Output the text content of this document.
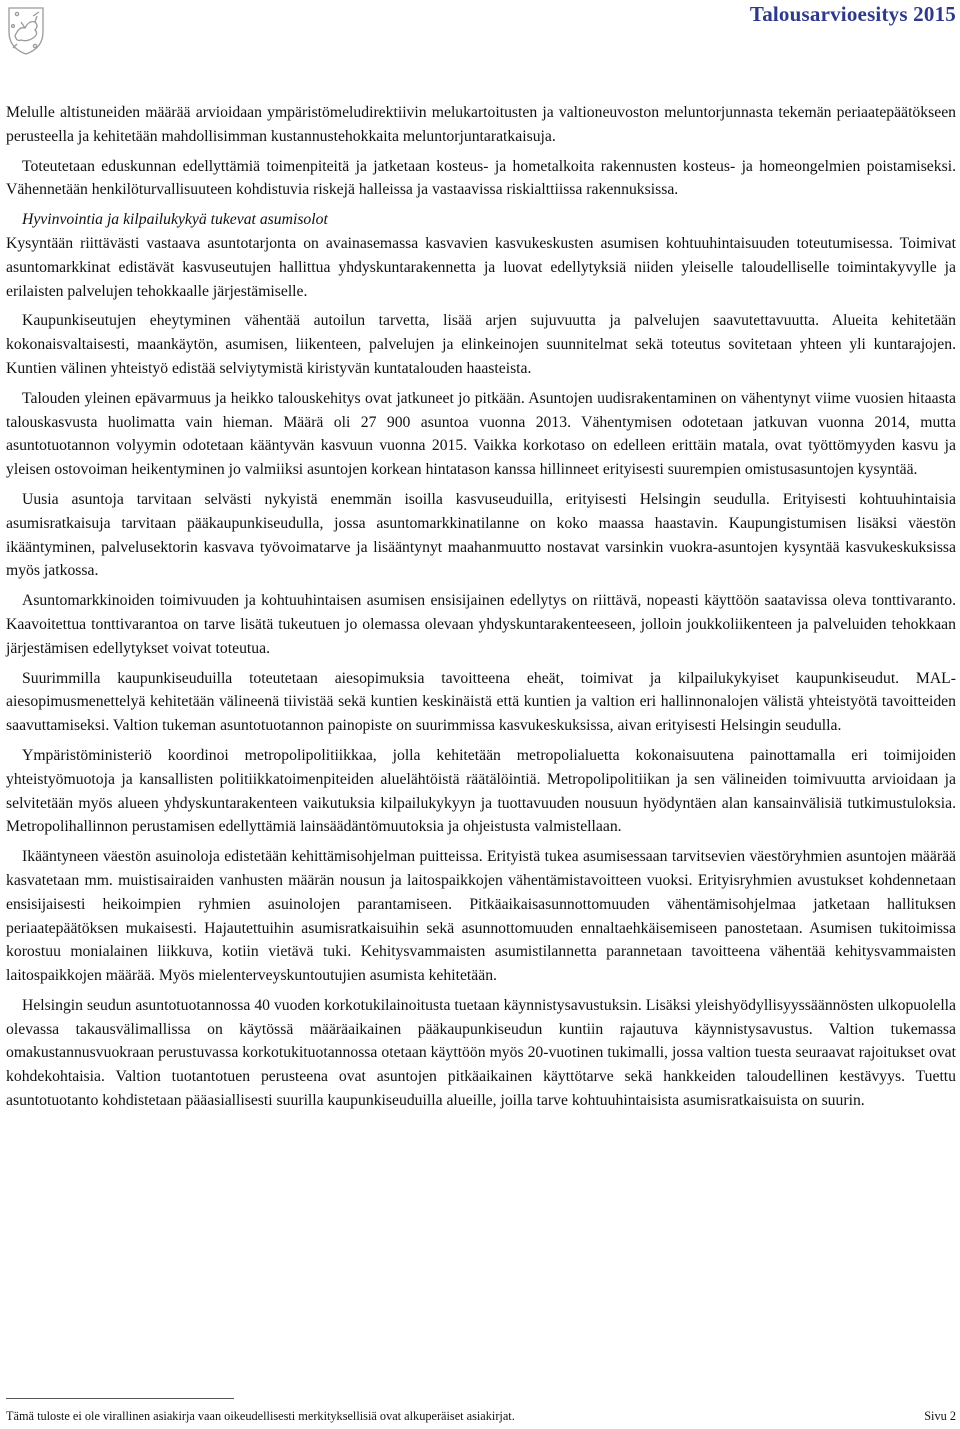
Talousarvioesitys 2015

Melulle altistuneiden määrää arvioidaan ympäristömeludirektiivin melukartoitusten ja valtioneuvoston meluntorjunnasta tekemän periaatepäätökseen perusteella ja kehitetään mahdollisimman kustannustehokkaita meluntorjuntaratkaisuja.

Toteutetaan eduskunnan edellyttämiä toimenpiteitä ja jatketaan kosteus- ja hometalkoita rakennusten kosteus- ja homeongelmien poistamiseksi. Vähennetään henkilöturvallisuuteen kohdistuvia riskejä halleissa ja vastaavissa riskialttiissa rakennuksissa.

Hyvinvointia ja kilpailukykyä tukevat asumisolot

Kysyntään riittävästi vastaava asuntotarjonta on avainasemassa kasvavien kasvukeskusten asumisen kohtuuhintaisuuden toteutumisessa. Toimivat asuntomarkkinat edistävät kasvuseutujen hallittua yhdyskuntarakennetta ja luovat edellytyksiä niiden yleiselle taloudelliselle toimintakyvylle ja erilaisten palvelujen tehokkaalle järjestämiselle.

Kaupunkiseutujen eheytyminen vähentää autoilun tarvetta, lisää arjen sujuvuutta ja palvelujen saavutettavuutta. Alueita kehitetään kokonaisvaltaisesti, maankäytön, asumisen, liikenteen, palvelujen ja elinkeinojen suunnitelmat sekä toteutus sovitetaan yhteen yli kuntarajojen. Kuntien välinen yhteistyö edistää selviytymistä kiristyvän kuntatalouden haasteista.

Talouden yleinen epävarmuus ja heikko talouskehitys ovat jatkuneet jo pitkään. Asuntojen uudisrakentaminen on vähentynyt viime vuosien hitaasta talouskasvusta huolimatta vain hieman. Määrä oli 27 900 asuntoa vuonna 2013. Vähentymisen odotetaan jatkuvan vuonna 2014, mutta asuntotuotannon volyymin odotetaan kääntyvän kasvuun vuonna 2015. Vaikka korkotaso on edelleen erittäin matala, ovat työttömyyden kasvu ja yleisen ostovoiman heikentyminen jo valmiiksi asuntojen korkean hintatason kanssa hillinneet erityisesti suurempien omistusasuntojen kysyntää.

Uusia asuntoja tarvitaan selvästi nykyistä enemmän isoilla kasvuseuduilla, erityisesti Helsingin seudulla. Erityisesti kohtuuhintaisia asumisratkaisuja tarvitaan pääkaupunkiseudulla, jossa asuntomarkkinatilanne on koko maassa haastavin. Kaupungistumisen lisäksi väestön ikääntyminen, palvelusektorin kasvava työvoimatarve ja lisääntynyt maahanmuutto nostavat varsinkin vuokra-asuntojen kysyntää kasvukeskuksissa myös jatkossa.

Asuntomarkkinoiden toimivuuden ja kohtuuhintaisen asumisen ensisijainen edellytys on riittävä, nopeasti käyttöön saatavissa oleva tonttivaranto. Kaavoitettua tonttivarantoa on tarve lisätä tukeutuen jo olemassa olevaan yhdyskuntarakenteeseen, jolloin joukkoliikenteen ja palveluiden tehokkaan järjestämisen edellytykset voivat toteutua.

Suurimmilla kaupunkiseuduilla toteutetaan aiesopimuksia tavoitteena eheät, toimivat ja kilpailukykyiset kaupunkiseudut. MAL-aiesopimusmenettelyä kehitetään välineenä tiivistää sekä kuntien keskinäistä että kuntien ja valtion eri hallinnonalojen välistä yhteistyötä tavoitteiden saavuttamiseksi. Valtion tukeman asuntotuotannon painopiste on suurimmissa kasvukeskuksissa, aivan erityisesti Helsingin seudulla.

Ympäristöministeriö koordinoi metropolipolitiikkaa, jolla kehitetään metropolialuetta kokonaisuutena painottamalla eri toimijoiden yhteistyömuotoja ja kansallisten politiikkatoimenpiteiden aluelähtöistä räätälöintiä. Metropolipolitiikan ja sen välineiden toimivuutta arvioidaan ja selvitetään myös alueen yhdyskuntarakenteen vaikutuksia kilpailukykyyn ja tuottavuuden nousuun hyödyntäen alan kansainvälisiä tutkimustuloksia. Metropolihallinnon perustamisen edellyttämiä lainsäädäntömuutoksia ja ohjeistusta valmistellaan.

Ikääntyneen väestön asuinoloja edistetään kehittämisohjelman puitteissa. Erityistä tukea asumisessaan tarvitsevien väestöryhmien asuntojen määrää kasvatetaan mm. muistisairaiden vanhusten määrän nousun ja laitospaikkojen vähentämistavoitteen vuoksi. Erityisryhmien avustukset kohdennetaan ensisijaisesti heikoimpien ryhmien asuinolojen parantamiseen. Pitkäaikaisasunnottomuuden vähentämisohjelmaa jatketaan hallituksen periaatepäätöksen mukaisesti. Hajautettuihin asumisratkaisuihin sekä asunnottomuuden ennaltaehkäisemiseen panostetaan. Asumisen tukitoimissa korostuu monialainen liikkuva, kotiin vietävä tuki. Kehitysvammaisten asumistilannetta parannetaan tavoitteena vähentää kehitysvammaisten laitospaikkojen määrää. Myös mielenterveyskuntoutujien asumista kehitetään.

Helsingin seudun asuntotuotannossa 40 vuoden korkotukilainoitusta tuetaan käynnistysavustuksin. Lisäksi yleishyödyllisyyssäännösten ulkopuolella olevassa takausvälimallissa on käytössä määräaikainen pääkaupunkiseudun kuntiin rajautuva käynnistysavustus. Valtion tukemassa omakustannusvuokraan perustuvassa korkotukituotannossa otetaan käyttöön myös 20-vuotinen tukimalli, jossa valtion tuesta seuraavat rajoitukset ovat kohdekohtaisia. Valtion tuotantotuen perusteena ovat asuntojen pitkäaikainen käyttötarve sekä hankkeiden taloudellinen kestävyys. Tuettu asuntotuotanto kohdistetaan pääasiallisesti suurilla kaupunkiseuduilla alueille, joilla tarve kohtuuhintaisista asumisratkaisuista on suurin.

Tämä tuloste ei ole virallinen asiakirja vaan oikeudellisesti merkityksellisiä ovat alkuperäiset asiakirjat.	Sivu 2
